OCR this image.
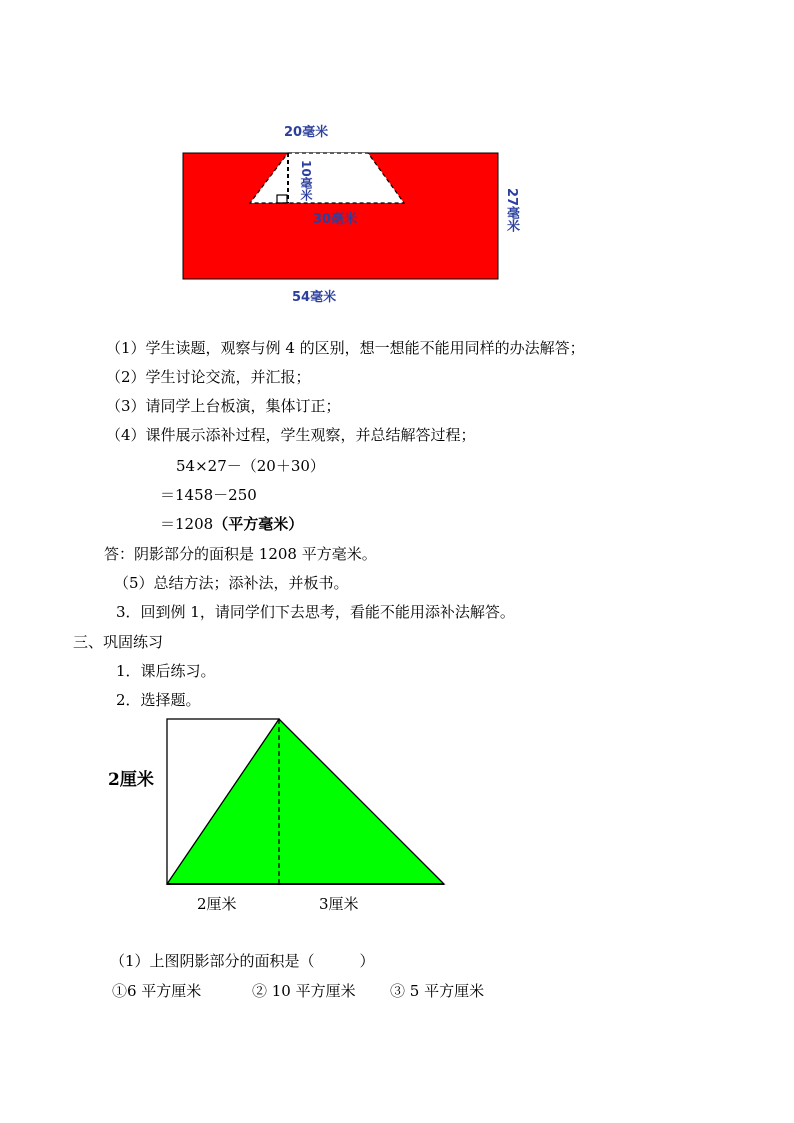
20毫米
10毫米
30毫米	27毫米
54毫米
（1）学生读题，观察与例 4 的区别，想一想能不能用同样的办法解答；
（2）学生讨论交流，并汇报；
（3）请同学上台板演，集体订正；
（4）课件展示添补过程，学生观察，并总结解答过程；
54×27－（20＋30）
＝1458－250
＝1208（平方毫米）
答：阴影部分的面积是 1208 平方毫米。
（5）总结方法；添补法，并板书。
3．回到例 1，请同学们下去思考，看能不能用添补法解答。
三、巩固练习
1．课后练习。
2．选择题。
2厘米
2厘米	3厘米
（1）上图阴影部分的面积是（　　　）
①6 平方厘米	② 10 平方厘米 ③ 5 平方厘米
